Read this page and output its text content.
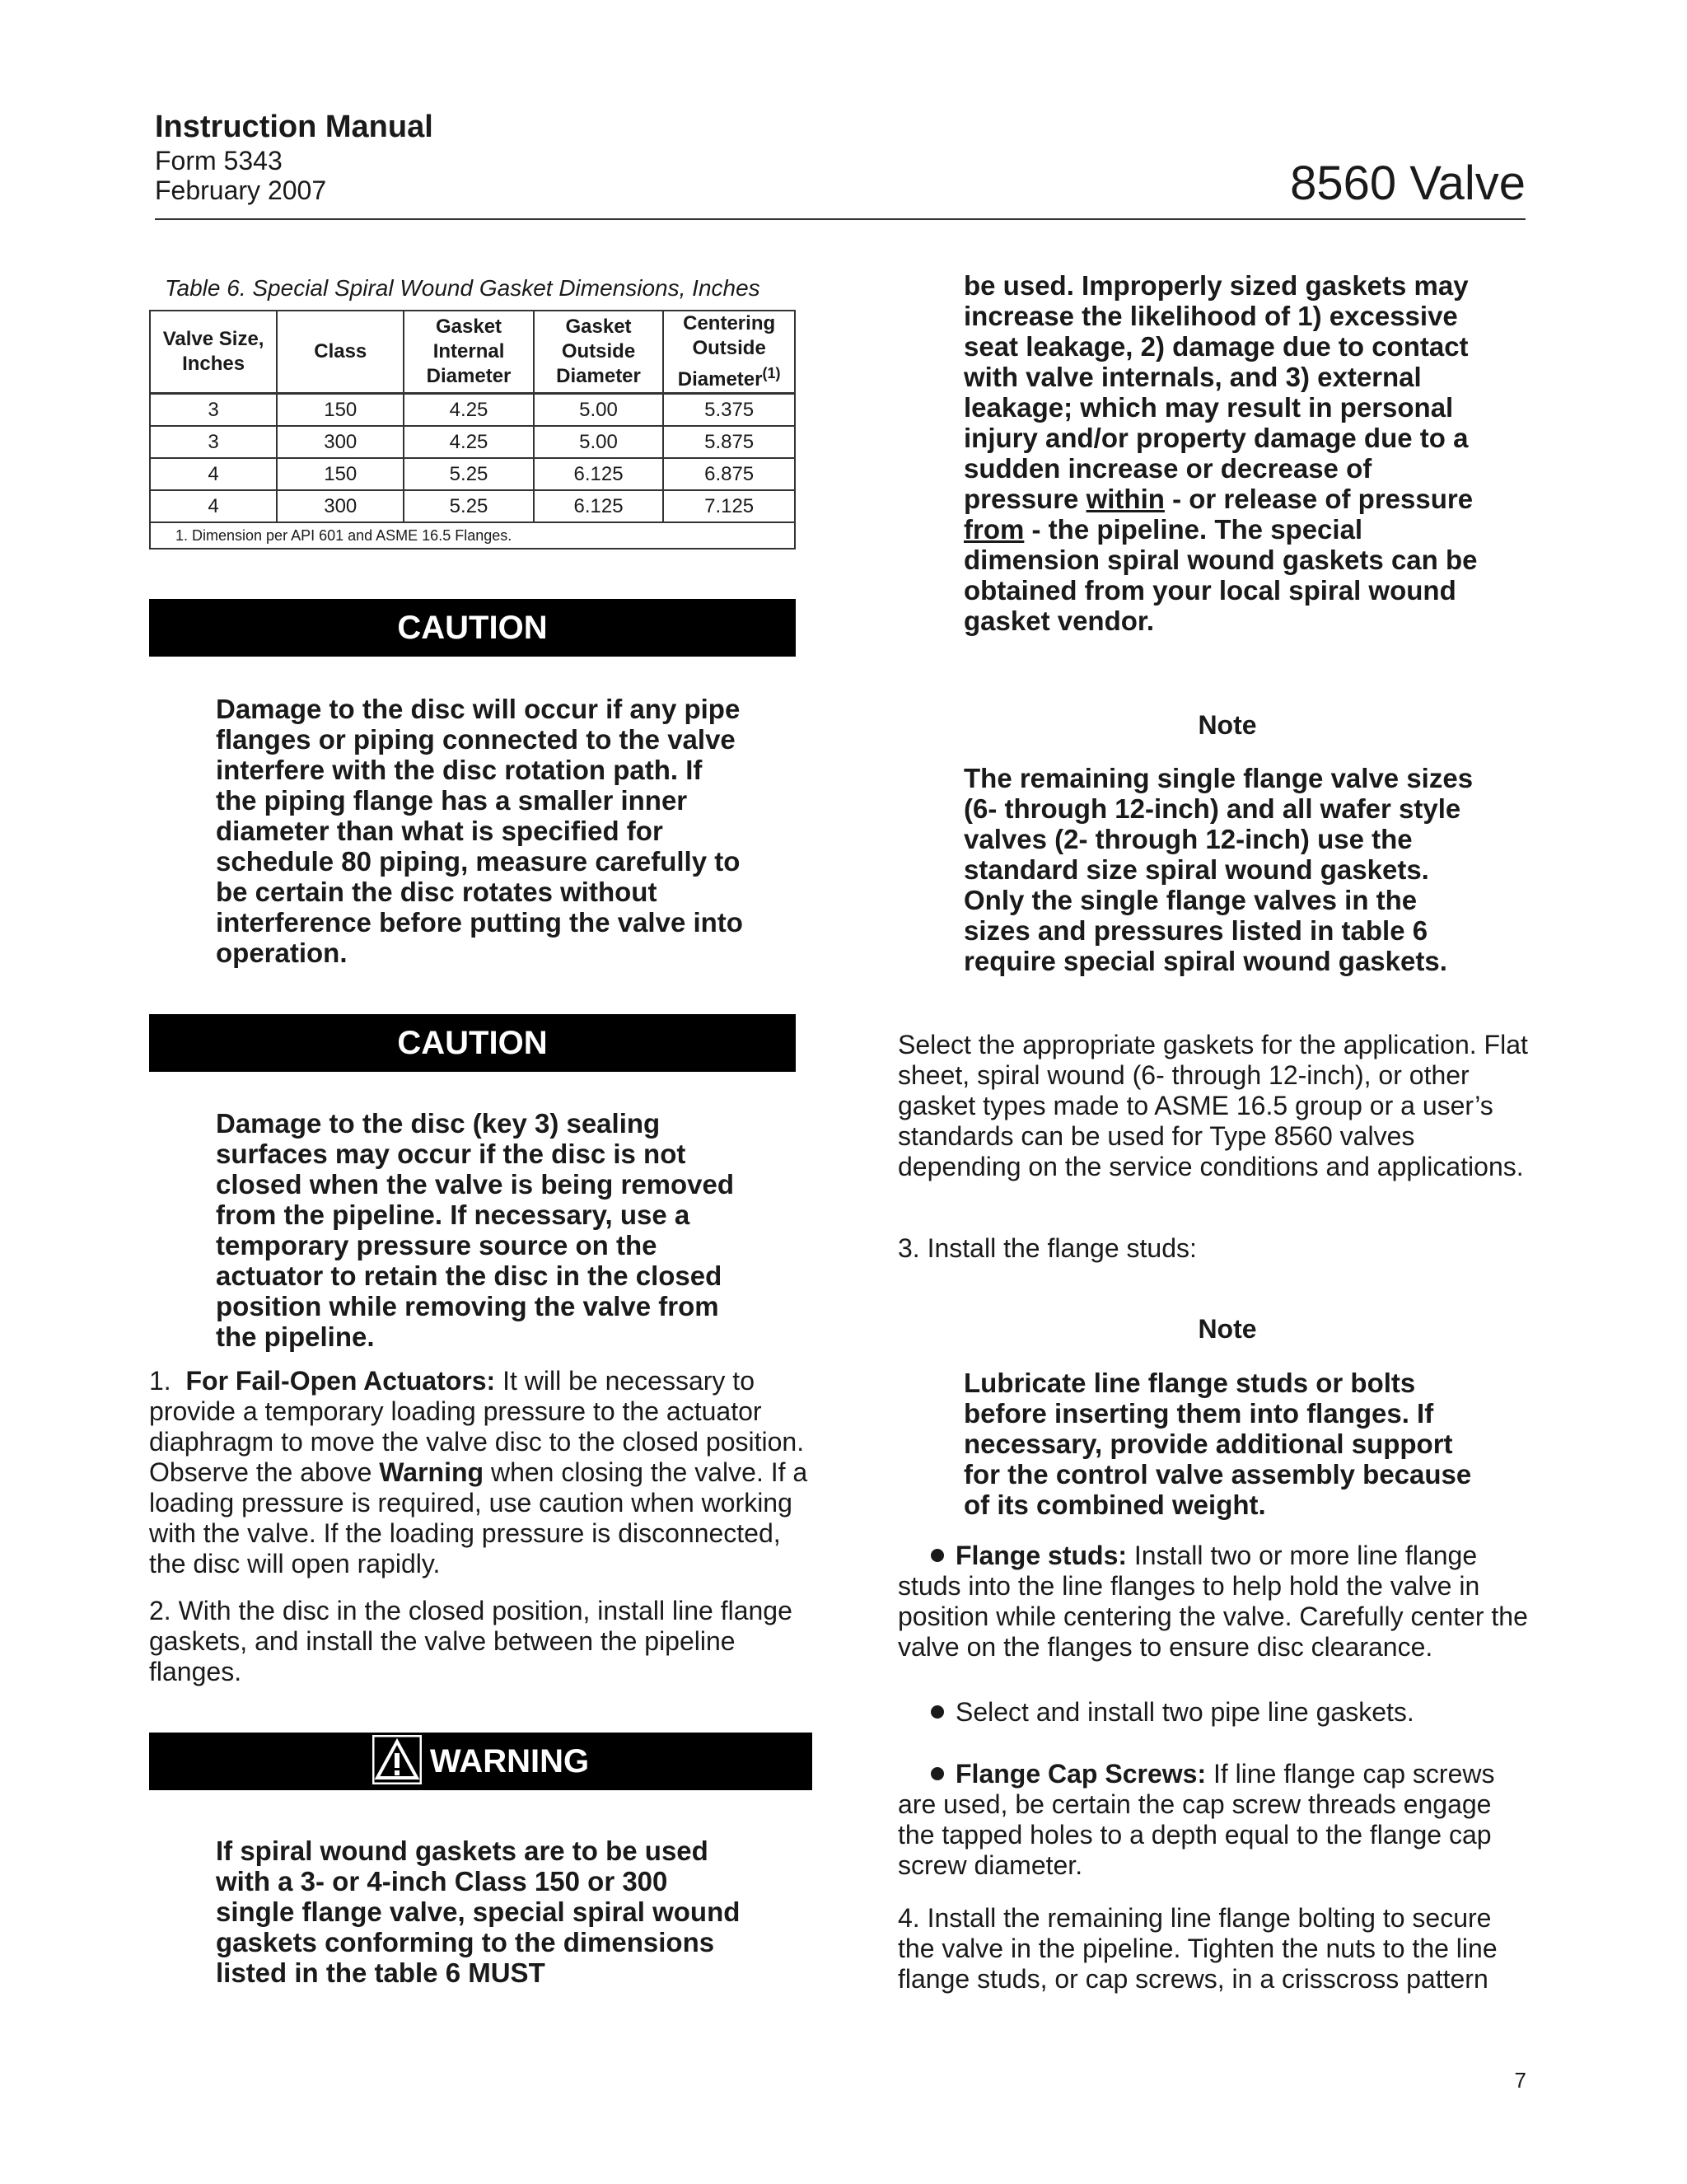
Instruction Manual
Form 5343
February 2007	8560 Valve
Table 6. Special Spiral Wound Gasket Dimensions, Inches
Valve Size, Inches	Class	Gasket Internal Diameter	Gasket Outside Diameter	Centering Outside Diameter$^{(1)}$
3	150	4.25	5.00	5.375
3	300	4.25	5.00	5.875
4	150	5.25	6.125	6.875
4	300	5.25	6.125	7.125
1. Dimension per API 601 and ASME 16.5 Flanges.				
CAUTION
Damage to the disc will occur if any pipe flanges or piping connected to the valve interfere with the disc rotation path. If the piping flange has a smaller inner diameter than what is specified for schedule 80 piping, measure carefully to be certain the disc rotates without interference before putting the valve into operation.
CAUTION
Damage to the disc (key 3) sealing surfaces may occur if the disc is not closed when the valve is being removed from the pipeline. If necessary, use a temporary pressure source on the actuator to retain the disc in the closed position while removing the valve from the pipeline.
1. For Fail-Open Actuators: It will be necessary to provide a temporary loading pressure to the actuator diaphragm to move the valve disc to the closed position. Observe the above Warning when closing the valve. If a loading pressure is required, use caution when working with the valve. If the loading pressure is disconnected, the disc will open rapidly.
2. With the disc in the closed position, install line flange gaskets, and install the valve between the pipeline flanges.
WARNING
If spiral wound gaskets are to be used with a 3- or 4-inch Class 150 or 300 single flange valve, special spiral wound gaskets conforming to the dimensions listed in the table 6 MUST
be used. Improperly sized gaskets may increase the likelihood of 1) excessive seat leakage, 2) damage due to contact with valve internals, and 3) external leakage; which may result in personal injury and/or property damage due to a sudden increase or decrease of pressure within - or release of pressure from - the pipeline. The special dimension spiral wound gaskets can be obtained from your local spiral wound gasket vendor.
Note
The remaining single flange valve sizes (6- through 12-inch) and all wafer style valves (2- through 12-inch) use the standard size spiral wound gaskets. Only the single flange valves in the sizes and pressures listed in table 6 require special spiral wound gaskets.
Select the appropriate gaskets for the application. Flat sheet, spiral wound (6- through 12-inch), or other gasket types made to ASME 16.5 group or a user’s standards can be used for Type 8560 valves depending on the service conditions and applications.
3. Install the flange studs:
Note
Lubricate line flange studs or bolts before inserting them into flanges. If necessary, provide additional support for the control valve assembly because of its combined weight.
Flange studs: Install two or more line flange studs into the line flanges to help hold the valve in position while centering the valve. Carefully center the valve on the flanges to ensure disc clearance.
Select and install two pipe line gaskets.
Flange Cap Screws: If line flange cap screws are used, be certain the cap screw threads engage the tapped holes to a depth equal to the flange cap screw diameter.
4. Install the remaining line flange bolting to secure the valve in the pipeline. Tighten the nuts to the line flange studs, or cap screws, in a crisscross pattern
7
